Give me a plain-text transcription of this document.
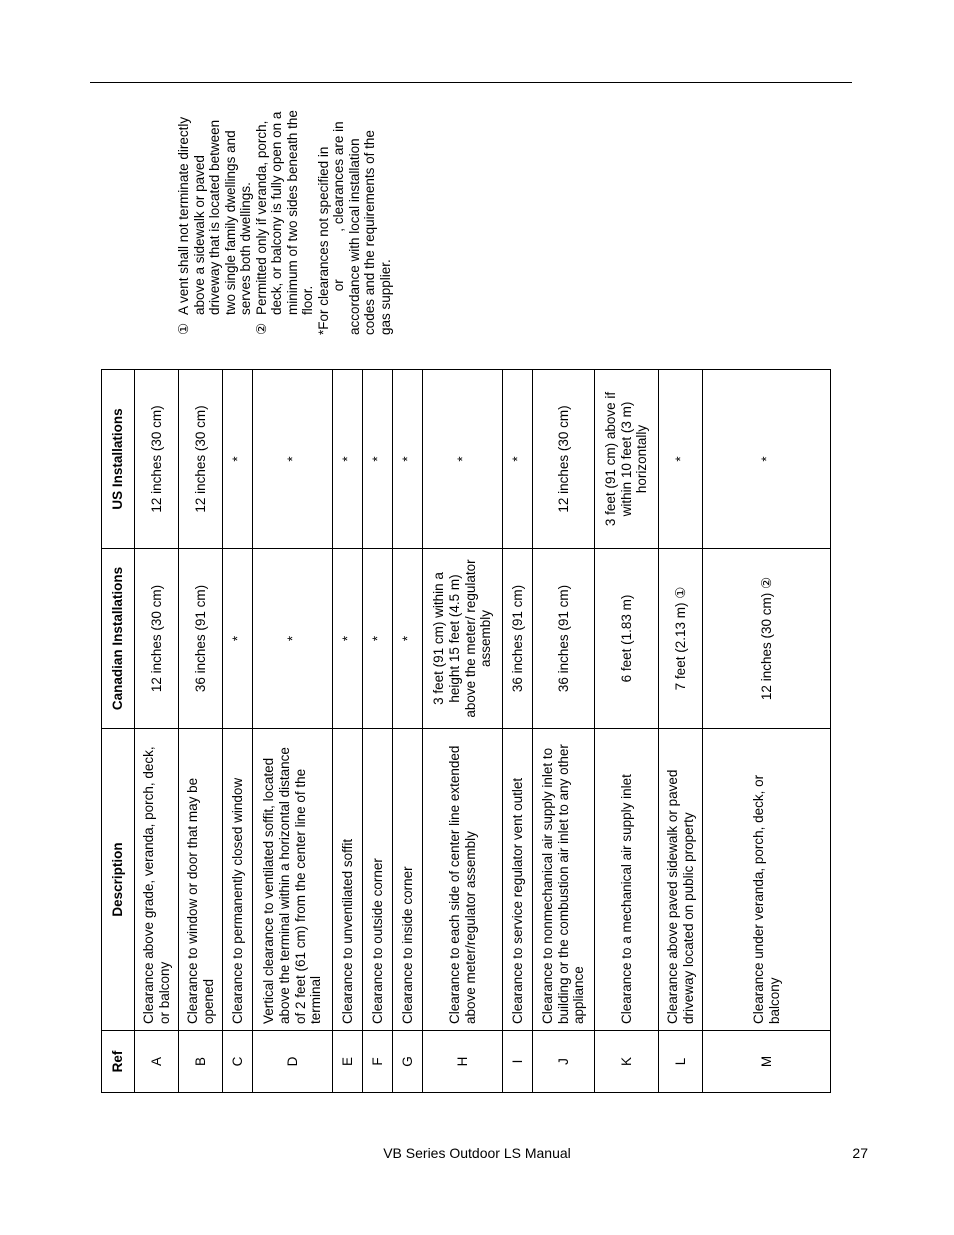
Ref	Description	Canadian Installations	US Installations
A	Clearance above grade, veranda, porch, deck, or balcony	12 inches (30 cm)	12 inches (30 cm)
B	Clearance to window or door that may be opened	36 inches (91 cm)	12 inches (30 cm)
C	Clearance to permanently closed window	*	*
D	Vertical clearance to ventilated soffit, located above the terminal within a horizontal distance of 2 feet (61 cm) from the center line of the terminal	*	*
E	Clearance to unventilated soffit	*	*
F	Clearance to outside corner	*	*
G	Clearance to inside corner	*	*
H	Clearance to each side of center line extended above meter/regulator assembly	3 feet (91 cm) within a height 15 feet (4.5 m) above the meter/ regulator assembly	*
I	Clearance to service regulator vent outlet	36 inches (91 cm)	*
J	Clearance to nonmechanical air supply inlet to building or the combustion air inlet to any other appliance	36 inches (91 cm)	12 inches (30 cm)
K	Clearance to a mechanical air supply inlet	6 feet (1.83 m)	3 feet (91 cm) above if within 10 feet (3 m) horizontally
L	Clearance above paved sidewalk or paved driveway located on public property	7 feet (2.13 m) ①	*
M	Clearance under veranda, porch, deck, or balcony	12 inches (30 cm) ②	*

①
A vent shall not terminate directly above a sidewalk or paved driveway that is located between two single family dwellings and serves both dwellings.

②
Permitted only if veranda, porch, deck, or balcony is fully open on a minimum of two sides beneath the floor. *For clearances not specified in  or  , clearances are in accordance with local installation codes and the requirements of the gas supplier.

VB Series Outdoor LS Manual	27
